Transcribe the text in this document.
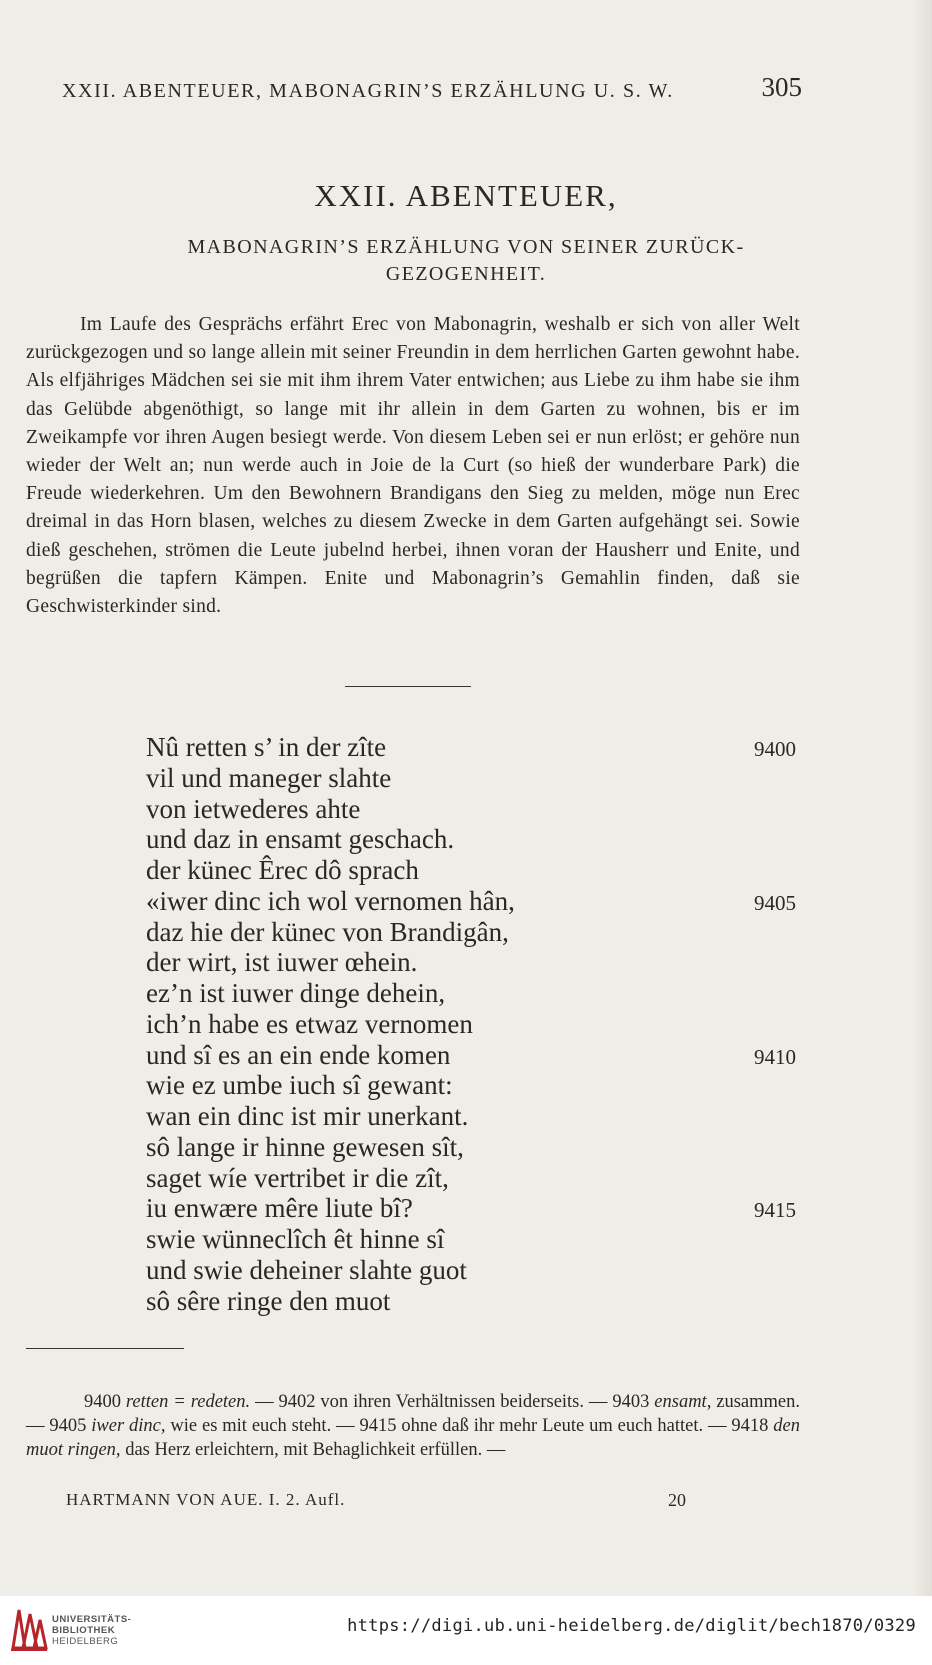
XXII. ABENTEUER, MABONAGRIN’S ERZÄHLUNG U. S. W.	305
XXII. ABENTEUER,
MABONAGRIN’S ERZÄHLUNG VON SEINER ZURÜCK-
GEZOGENHEIT.

Im Laufe des Gesprächs erfährt Erec von Mabonagrin, weshalb er sich von aller Welt zurückgezogen und so lange allein mit seiner Freundin in dem herrlichen Garten gewohnt habe. Als elfjähriges Mädchen sei sie mit ihm ihrem Vater entwichen; aus Liebe zu ihm habe sie ihm das Gelübde abgenöthigt, so lange mit ihr allein in dem Garten zu wohnen, bis er im Zweikampfe vor ihren Augen besiegt werde. Von diesem Leben sei er nun erlöst; er gehöre nun wieder der Welt an; nun werde auch in Joie de la Curt (so hieß der wunderbare Park) die Freude wiederkehren. Um den Bewohnern Brandigans den Sieg zu melden, möge nun Erec dreimal in das Horn blasen, welches zu diesem Zwecke in dem Garten aufgehängt sei. Sowie dieß geschehen, strömen die Leute jubelnd herbei, ihnen voran der Hausherr und Enite, und begrüßen die tapfern Kämpen. Enite und Mabonagrin’s Gemahlin finden, daß sie Geschwisterkinder sind.

Nû retten s’ in der zîte	9400
vil und maneger slahte
von ietwederes ahte
und daz in ensamt geschach.
der künec Êrec dô sprach
«iwer dinc ich wol vernomen hân,	9405
daz hie der künec von Brandigân,
der wirt, ist iuwer œhein.
ez’n ist iuwer dinge dehein,
ich’n habe es etwaz vernomen
und sî es an ein ende komen	9410
wie ez umbe iuch sî gewant:
wan ein dinc ist mir unerkant.
sô lange ir hinne gewesen sît,
saget wíe vertribet ir die zît,
iu enwære mêre liute bî?	9415
swie wünneclîch êt hinne sî
und swie deheiner slahte guot
sô sêre ringe den muot

9400 retten = redeten. — 9402 von ihren Verhältnissen beiderseits. — 9403 ensamt, zusammen. — 9405 iwer dinc, wie es mit euch steht. — 9415 ohne daß ihr mehr Leute um euch hattet. — 9418 den muot ringen, das Herz erleichtern, mit Behaglichkeit erfüllen. —

HARTMANN VON AUE. I. 2. Aufl.	20
UNIVERSITÄTS-
BIBLIOTHEK
HEIDELBERG
https://digi.ub.uni-heidelberg.de/diglit/bech1870/0329
